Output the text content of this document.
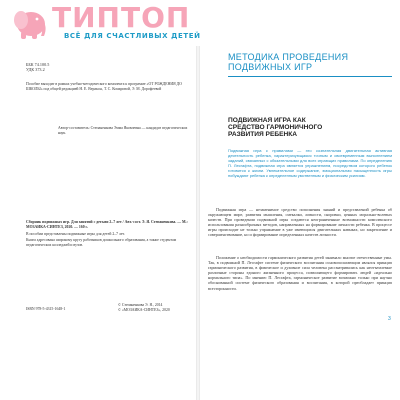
ТИПТОП
ВСЁ ДЛЯ СЧАСТЛИВЫХ ДЕТЕЙ
ББК 74.100.5
УДК 373.2
Пособие выходит в рамках учебно-методического комплекта к программе «ОТ РОЖДЕНИЯ ДО ШКОЛЫ» под общей редакцией Н. Е. Вераксы, Т. С. Комаровой, Э. М. Дорофеевой
Автор-составитель: Степаненкова Эмма Яковлевна — кандидат педагогических наук.
Сборник подвижных игр. Для занятий с детьми 2–7 лет / Авт.-сост. Э. Я. Степаненкова. — М.: МОЗАИКА-СИНТЕЗ, 2020. — 160 с.
В пособии представлены подвижные игры для детей 2–7 лет.
Книга адресована широкому кругу работников дошкольного образования, а также студентам педагогических колледжей и вузов.
ISBN 978-5-4315-1648-1
© Степаненкова Э. Я., 2014
© «МОЗАИКА-СИНТЕЗ», 2020
МЕТОДИКА ПРОВЕДЕНИЯ ПОДВИЖНЫХ ИГР
ПОДВИЖНАЯ ИГРА КАК СРЕДСТВО ГАРМОНИЧНОГО РАЗВИТИЯ РЕБЕНКА
Подвижная игра с правилами — это сознательная двигательная активная деятельность ребенка, характеризующаяся точным и своевременным выполнением заданий, связанных с обязательными для всех играющих правилами. По определению П. Лесгафта, подвижная игра является упражнением, посредством которого ребенок готовится к жизни. Увлекательное содержание, эмоциональная насыщенность игры побуждают ребенка к определенным умственным и физическим усилиям.
Подвижная игра — незаменимое средство пополнения знаний и представлений ребенка об окружающем мире, развития мышления, смекалки, ловкости, сноровки, ценных морально-волевых качеств. При проведении подвижной игры создаются неограниченные возможности комплексного использования разнообразных методов, направленных на формирование личности ребенка. В процессе игры происходит не только упражнение в уже имеющихся двигательных навыках, но закрепление и совершенствование, но и формирование определенных качеств личности.
Положение о необходимости гармонического развития детей занимало многие отечественные умы. Так, в подвижной П. Лесгафте системе физического воспитания основополагающим являлся принцип гармонического развития, в физическое и духовное сила человека рассматривались как неотъемлемые различные стороны единого жизненного процесса, позволяющего формировать людей «идеально нормального типа». По мнению П. Лесгафта, гармоническое развитие возможно только при научно обоснованной системе физического образования и воспитания, в которой преобладает принцип всесторонности.
3
